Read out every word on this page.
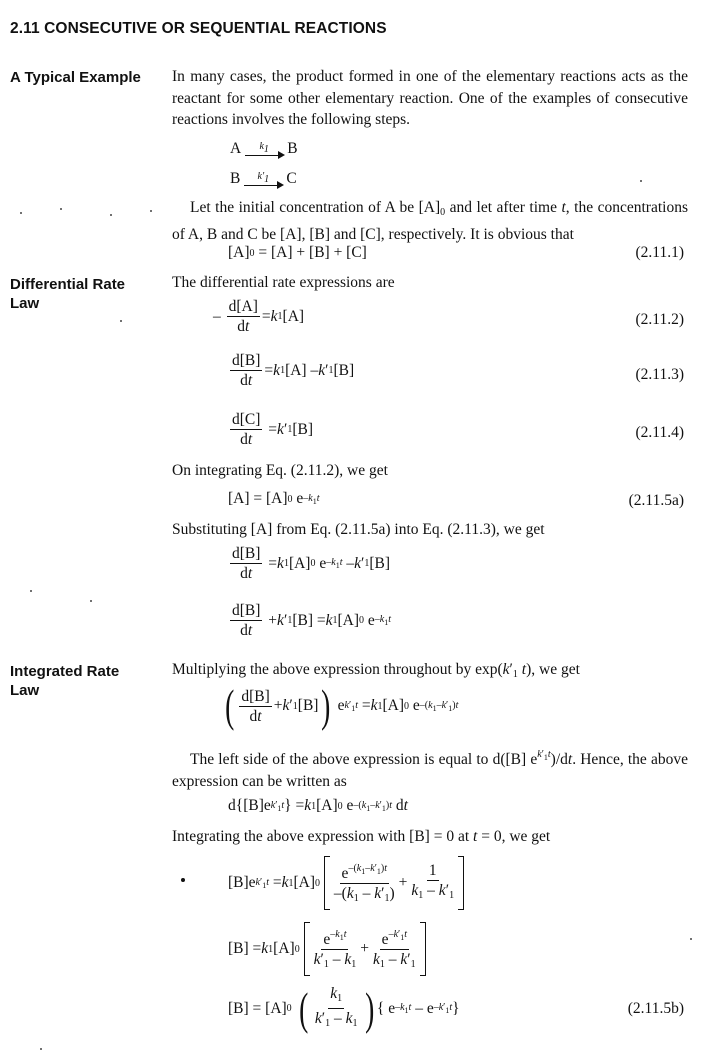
2.11 CONSECUTIVE OR SEQUENTIAL REACTIONS
A Typical Example
Differential Rate
Law
Integrated Rate
Law
In many cases, the product formed in one of the elementary reactions acts as the reactant for some other elementary reaction. One of the examples of consecutive reactions involves the following steps.
A $k_1$ B
B $k'_1$ C
Let the initial concentration of A be $[A]_0$ and let after time t, the concentrations of A, B and C be [A], [B] and [C], respectively. It is obvious that
[A] 0 = [A] + [B] + [C]	(2.11.1)
The differential rate expressions are
– $\frac{d[A]}{dt} = k$ 1 [A]	(2.11.2)
$\frac{d[B]}{dt} = k$ 1 [A] – k ′ 1 [B]	(2.11.3)
$\frac{d[C]}{dt} = k$ ′ 1 [B]	(2.11.4)
On integrating Eq. (2.11.2), we get
[A] = [A] 0 e $-k_1t$	(2.11.5a)
Substituting [A] from Eq. (2.11.5a) into Eq. (2.11.3), we get
$\frac{d[B]}{dt} = k$ 1 [A] 0 e $-k_1t$ – k ′ 1 [B]
$\frac{d[B]}{dt} + k$ ′ 1 [B] = k 1 [A] 0 e $-k_1t$
Multiplying the above expression throughout by $\exp(k'_1$ t), we get
( $\frac{d[B]}{dt} + k$ ′ 1 [B] ) e $k'_1t = k$ 1 [A] 0 e $-(k_1-k'_1)t$
The left side of the above expression is equal to d([B] $e^{k'_1t})/dt$. Hence, the above expression can be written as
d{[B]e $k'_1t$ } = k 1 [A] 0 e $-(k_1-k'_1)t$ d t
Integrating the above expression with [B] = 0 at t = 0, we get
[B]e $k'_1t = k$ 1 [A] 0
$\frac{e^{-(k_1-k'_1)t}}{-(k_1 - k'_1)} + \frac{1}{k_1 - k'_1}$
[B] = k 1 [A] 0
$\frac{e^{-k_1t}}{k'_1 - k_1} + \frac{e^{-k'_1t}}{k_1 - k'_1}$
[B] = [A] 0
( $\frac{k_1}{k'_1 - k_1}$ ) { e $-k_1t$ – e $-k'_1t$ }	(2.11.5b)
